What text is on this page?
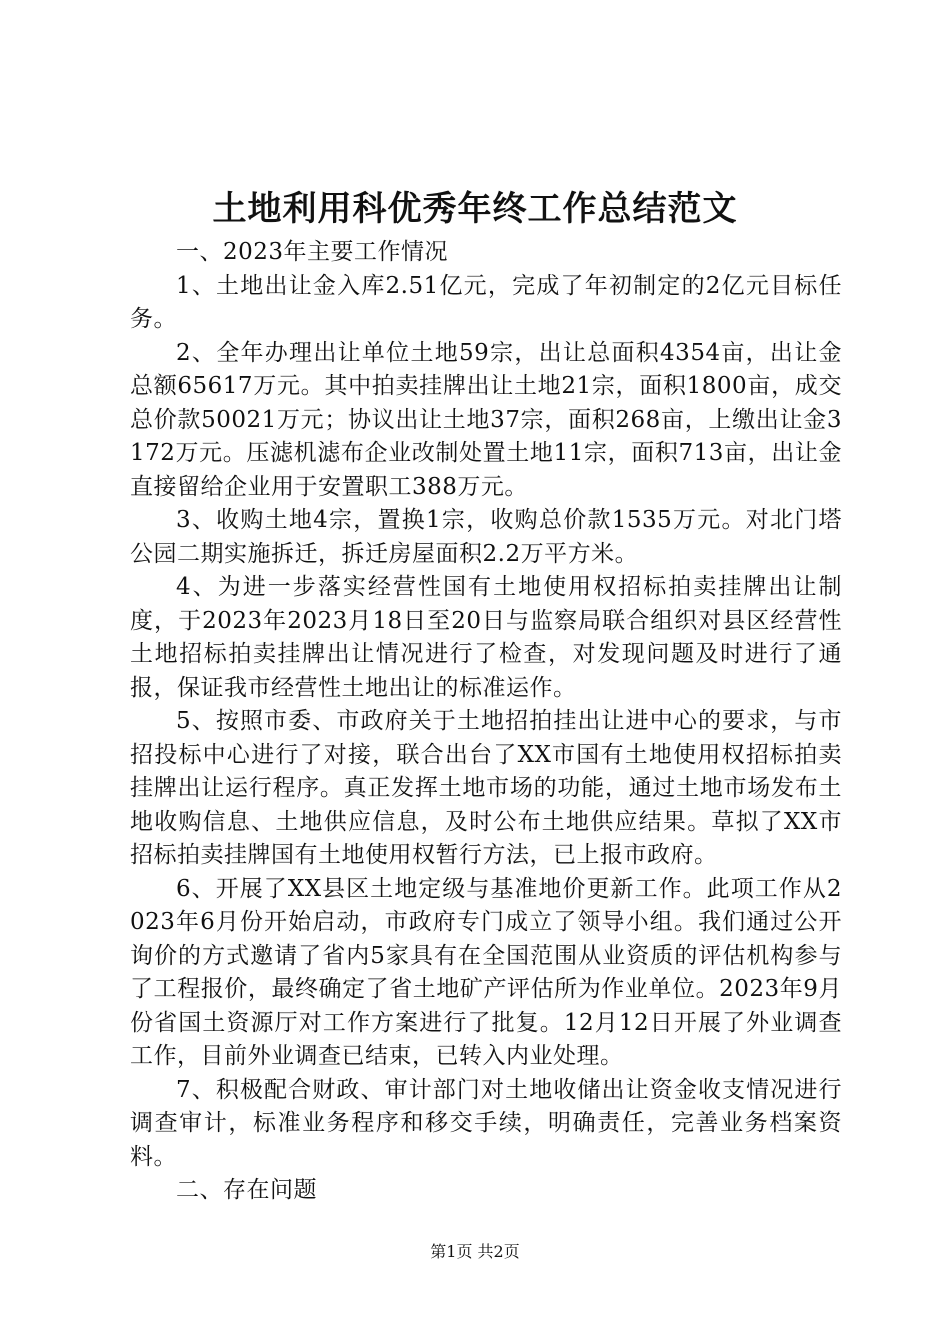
土地利用科优秀年终工作总结范文

一、2023年主要工作情况

1、土地出让金入库2.51亿元，完成了年初制定的2亿元目标任务。

2、全年办理出让单位土地59宗，出让总面积4354亩，出让金总额65617万元。其中拍卖挂牌出让土地21宗，面积1800亩，成交总价款50021万元；协议出让土地37宗，面积268亩，上缴出让金3172万元。压滤机滤布企业改制处置土地11宗，面积713亩，出让金直接留给企业用于安置职工388万元。

3、收购土地4宗，置换1宗，收购总价款1535万元。对北门塔公园二期实施拆迁，拆迁房屋面积2.2万平方米。

4、为进一步落实经营性国有土地使用权招标拍卖挂牌出让制度，于2023年2023月18日至20日与监察局联合组织对县区经营性土地招标拍卖挂牌出让情况进行了检查，对发现问题及时进行了通报，保证我市经营性土地出让的标准运作。

5、按照市委、市政府关于土地招拍挂出让进中心的要求，与市招投标中心进行了对接，联合出台了XX市国有土地使用权招标拍卖挂牌出让运行程序。真正发挥土地市场的功能，通过土地市场发布土地收购信息、土地供应信息，及时公布土地供应结果。草拟了XX市招标拍卖挂牌国有土地使用权暂行方法，已上报市政府。

6、开展了XX县区土地定级与基准地价更新工作。此项工作从2023年6月份开始启动，市政府专门成立了领导小组。我们通过公开询价的方式邀请了省内5家具有在全国范围从业资质的评估机构参与了工程报价，最终确定了省土地矿产评估所为作业单位。2023年9月份省国土资源厅对工作方案进行了批复。12月12日开展了外业调查工作，目前外业调查已结束，已转入内业处理。

7、积极配合财政、审计部门对土地收储出让资金收支情况进行调查审计，标准业务程序和移交手续，明确责任，完善业务档案资料。

二、存在问题

第1页 共2页
